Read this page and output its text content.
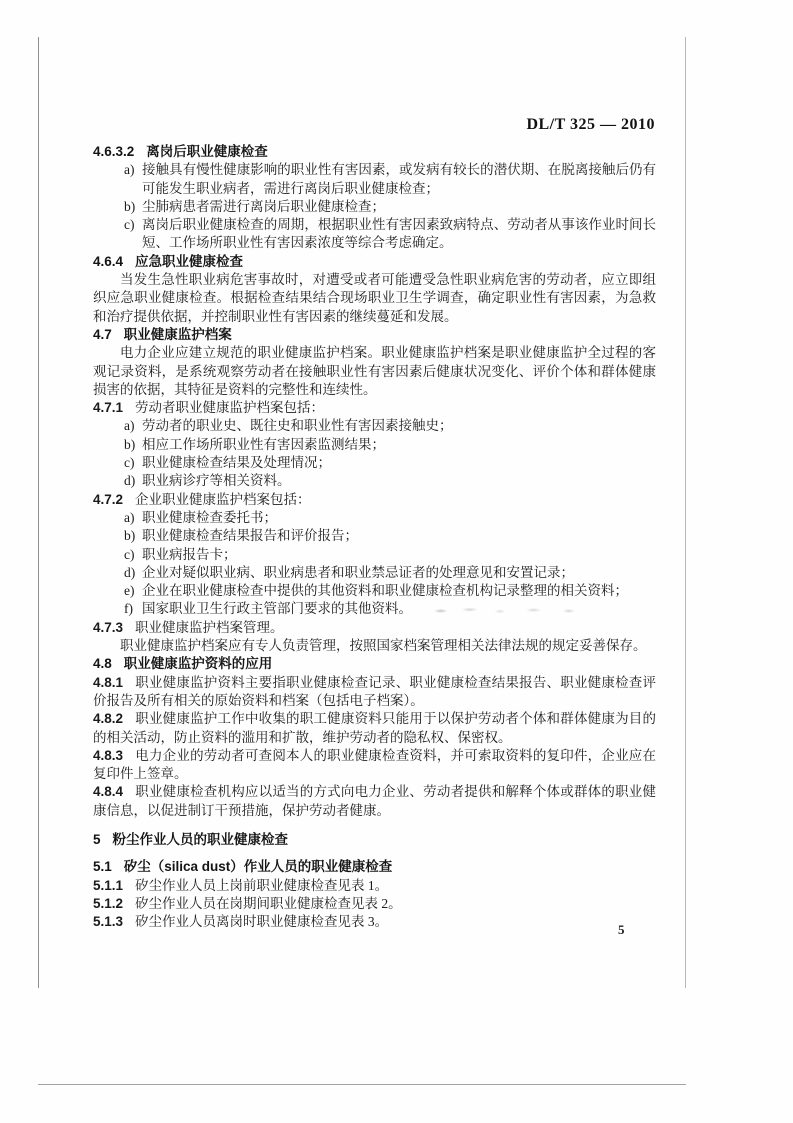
DL/T 325 — 2010
4.6.3.2 离岗后职业健康检查
a) 接触具有慢性健康影响的职业性有害因素，或发病有较长的潜伏期、在脱离接触后仍有可能发生职业病者，需进行离岗后职业健康检查；
b) 尘肺病患者需进行离岗后职业健康检查；
c) 离岗后职业健康检查的周期，根据职业性有害因素致病特点、劳动者从事该作业时间长短、工作场所职业性有害因素浓度等综合考虑确定。
4.6.4 应急职业健康检查
当发生急性职业病危害事故时，对遭受或者可能遭受急性职业病危害的劳动者，应立即组织应急职业健康检查。根据检查结果结合现场职业卫生学调查，确定职业性有害因素，为急救和治疗提供依据，并控制职业性有害因素的继续蔓延和发展。
4.7 职业健康监护档案
电力企业应建立规范的职业健康监护档案。职业健康监护档案是职业健康监护全过程的客观记录资料，是系统观察劳动者在接触职业性有害因素后健康状况变化、评价个体和群体健康损害的依据，其特征是资料的完整性和连续性。
4.7.1 劳动者职业健康监护档案包括：
a) 劳动者的职业史、既往史和职业性有害因素接触史；
b) 相应工作场所职业性有害因素监测结果；
c) 职业健康检查结果及处理情况；
d) 职业病诊疗等相关资料。
4.7.2 企业职业健康监护档案包括：
a) 职业健康检查委托书；
b) 职业健康检查结果报告和评价报告；
c) 职业病报告卡；
d) 企业对疑似职业病、职业病患者和职业禁忌证者的处理意见和安置记录；
e) 企业在职业健康检查中提供的其他资料和职业健康检查机构记录整理的相关资料；
f) 国家职业卫生行政主管部门要求的其他资料。
4.7.3 职业健康监护档案管理。
职业健康监护档案应有专人负责管理，按照国家档案管理相关法律法规的规定妥善保存。
4.8 职业健康监护资料的应用
4.8.1 职业健康监护资料主要指职业健康检查记录、职业健康检查结果报告、职业健康检查评价报告及所有相关的原始资料和档案（包括电子档案）。
4.8.2 职业健康监护工作中收集的职工健康资料只能用于以保护劳动者个体和群体健康为目的的相关活动，防止资料的滥用和扩散，维护劳动者的隐私权、保密权。
4.8.3 电力企业的劳动者可查阅本人的职业健康检查资料，并可索取资料的复印件，企业应在复印件上签章。
4.8.4 职业健康检查机构应以适当的方式向电力企业、劳动者提供和解释个体或群体的职业健康信息，以促进制订干预措施，保护劳动者健康。
5 粉尘作业人员的职业健康检查
5.1 矽尘（silica dust）作业人员的职业健康检查
5.1.1 矽尘作业人员上岗前职业健康检查见表 1。
5.1.2 矽尘作业人员在岗期间职业健康检查见表 2。
5.1.3 矽尘作业人员离岗时职业健康检查见表 3。
5
